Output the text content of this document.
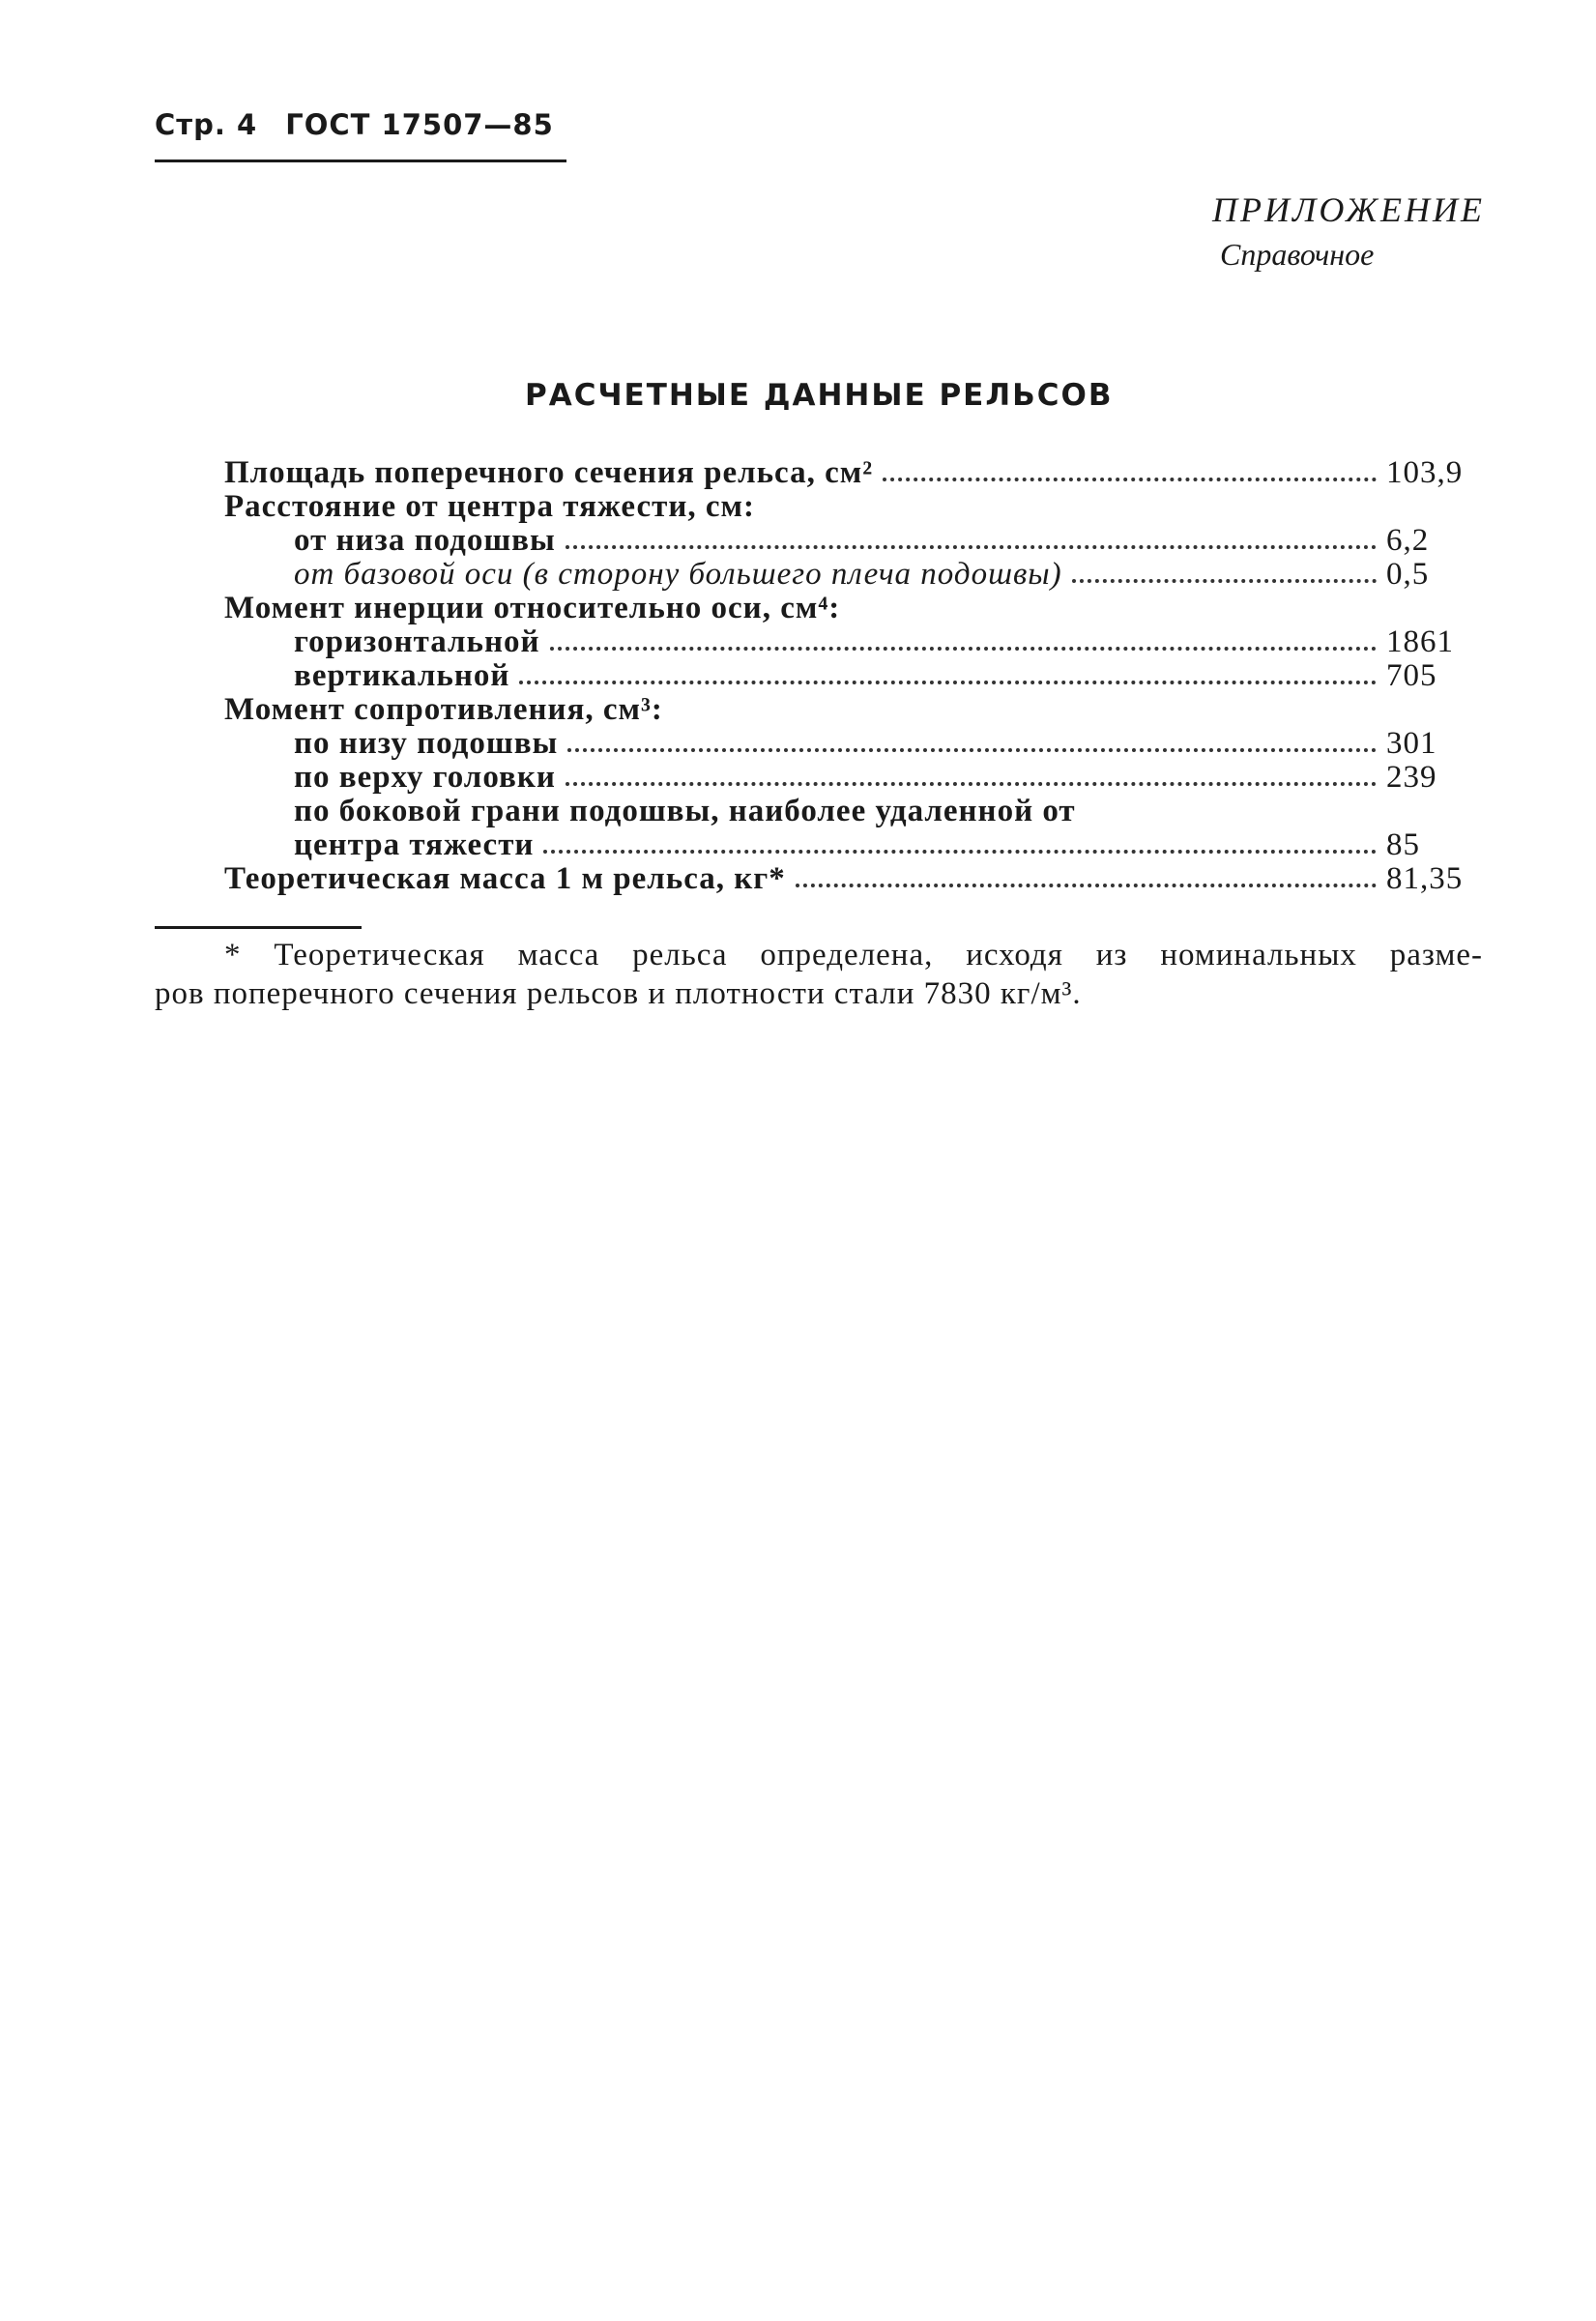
Стр. 4 ГОСТ 17507—85
ПРИЛОЖЕНИЕ
Справочное
РАСЧЕТНЫЕ ДАННЫЕ РЕЛЬСОВ
Площадь поперечного сечения рельса, см²	103,9
Расстояние от центра тяжести, см:
от низа подошвы	6,2
от базовой оси (в сторону большего плеча подошвы)	0,5
Момент инерции относительно оси, см⁴:
горизонтальной	1861
вертикальной	705
Момент сопротивления, см³:
по низу подошвы	301
по верху головки	239
по боковой грани подошвы, наиболее удаленной от
центра тяжести	85
Теоретическая масса 1 м рельса, кг*	81,35
* Теоретическая масса рельса определена, исходя из номинальных разме-
ров поперечного сечения рельсов и плотности стали 7830 кг/м³.
